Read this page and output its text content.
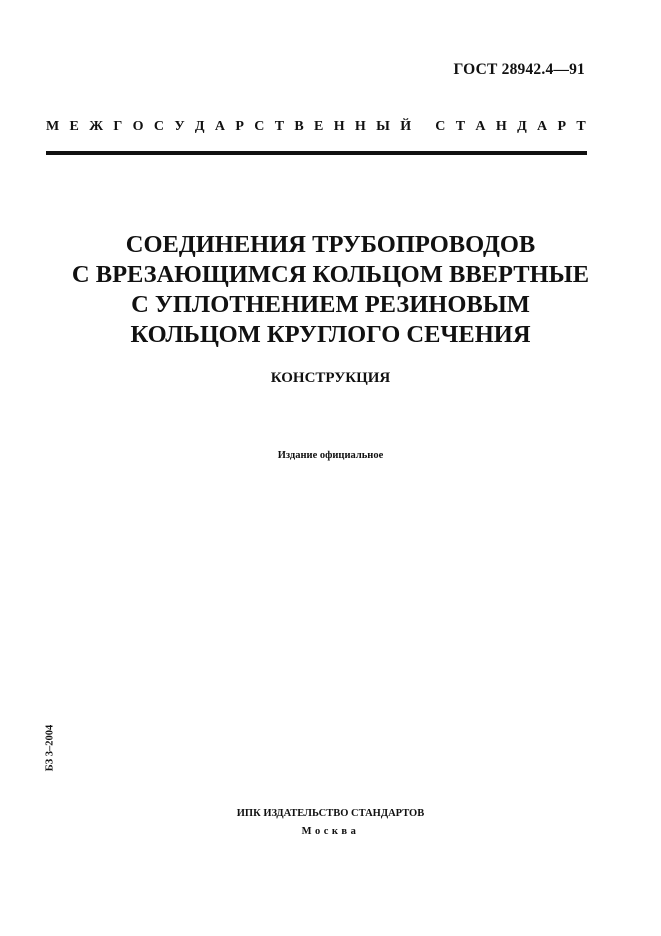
ГОСТ 28942.4—91
М Е Ж Г О С У Д А Р С Т В Е Н Н Ы Й
С Т А Н Д А Р Т
СОЕДИНЕНИЯ ТРУБОПРОВОДОВ
С ВРЕЗАЮЩИМСЯ КОЛЬЦОМ ВВЕРТНЫЕ
С УПЛОТНЕНИЕМ РЕЗИНОВЫМ
КОЛЬЦОМ КРУГЛОГО СЕЧЕНИЯ
КОНСТРУКЦИЯ
Издание официальное
БЗ 3–2004
ИПК ИЗДАТЕЛЬСТВО СТАНДАРТОВ
Москва
